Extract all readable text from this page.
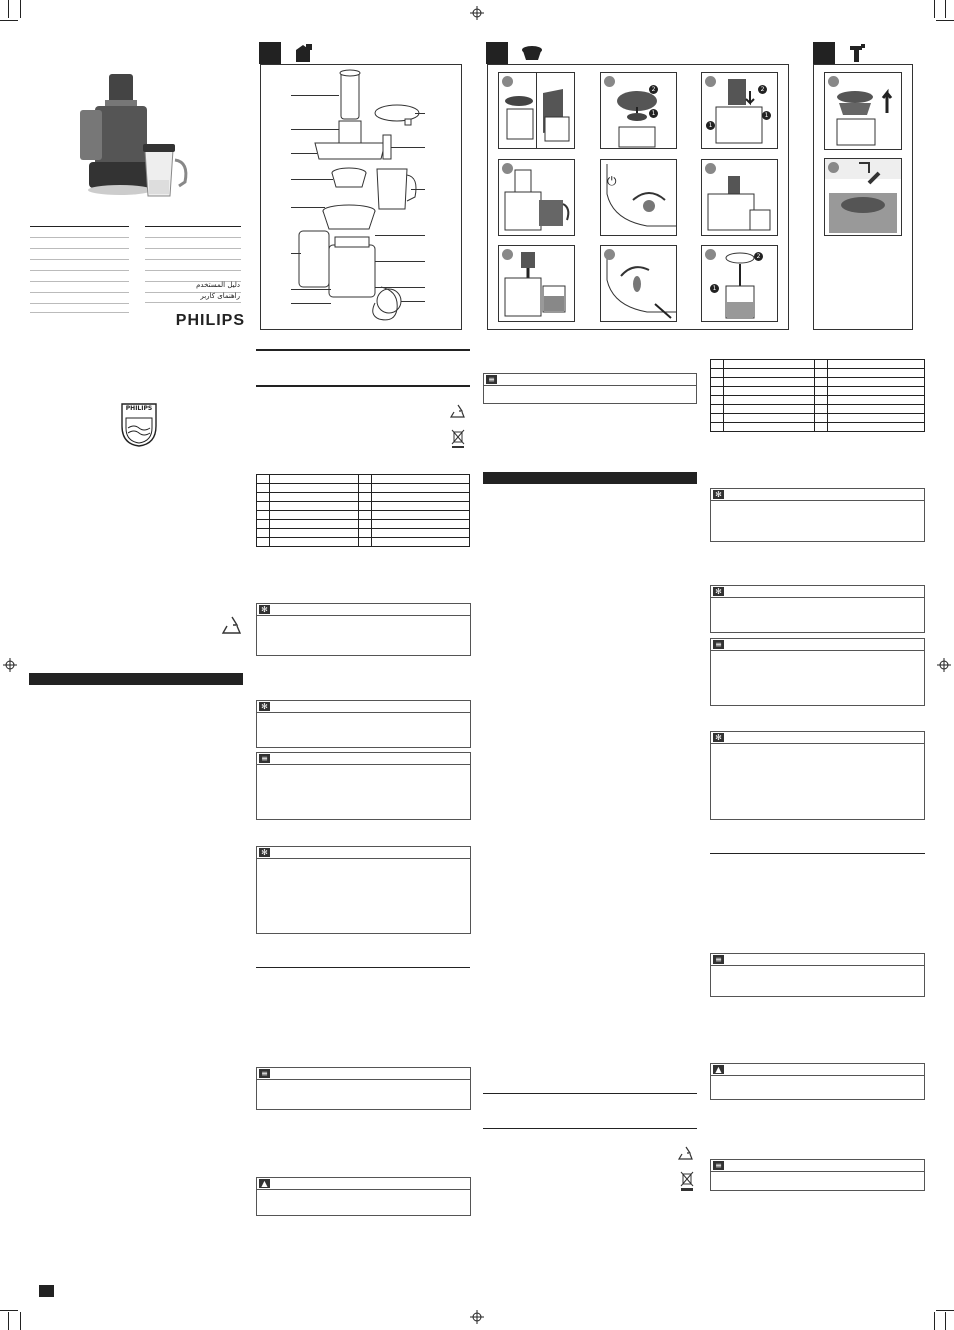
دليل المستخدم
راهنمای کاربر
PHILIPS
PHILIPS

✻
✻
≡
✻
≡
▲
2
1
2
1
1
⏻
2
1
≡

✻
✻
≡
✻
≡
▲
≡
